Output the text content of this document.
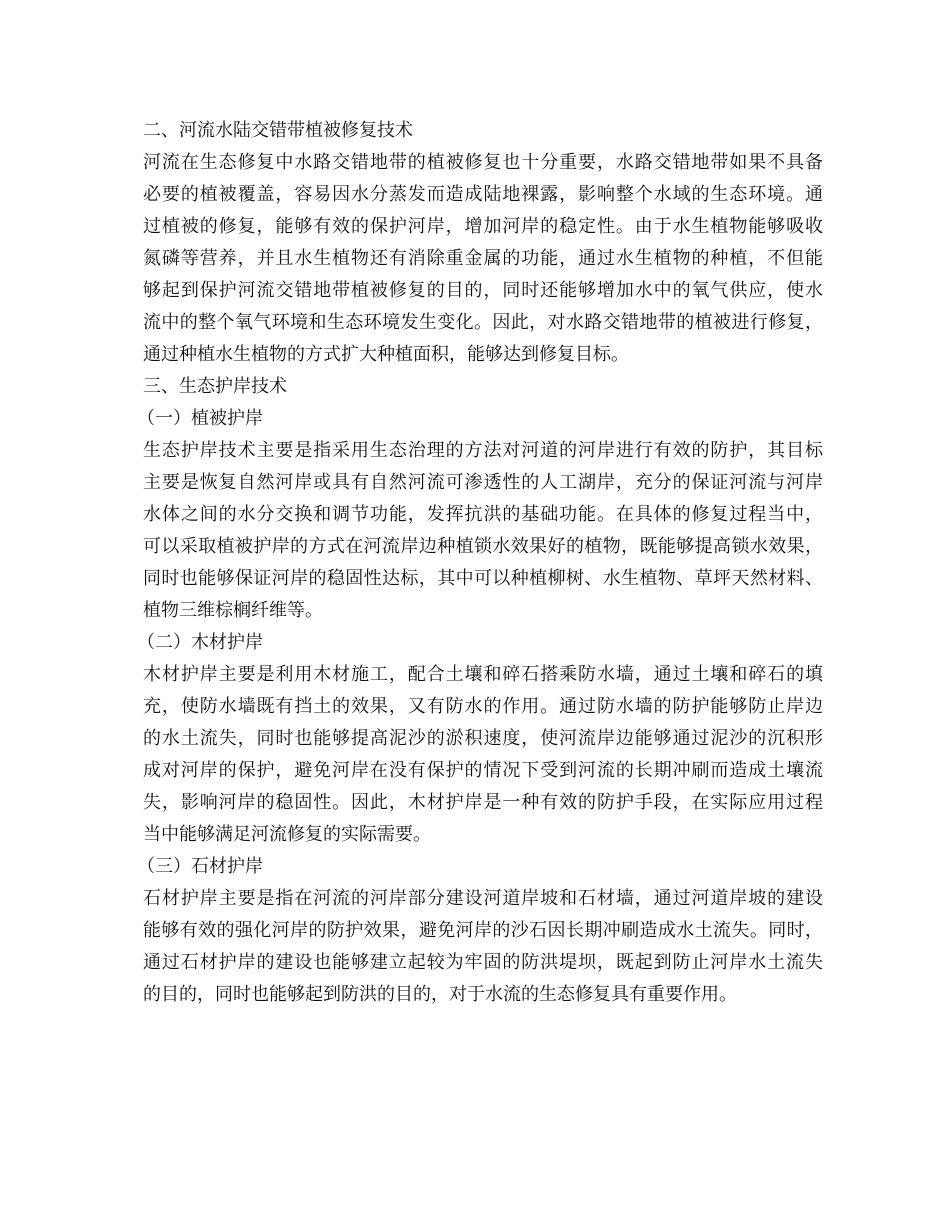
二、河流水陆交错带植被修复技术
河流在生态修复中水路交错地带的植被修复也十分重要，水路交错地带如果不具备
必要的植被覆盖，容易因水分蒸发而造成陆地裸露，影响整个水域的生态环境。通
过植被的修复，能够有效的保护河岸，增加河岸的稳定性。由于水生植物能够吸收
氮磷等营养，并且水生植物还有消除重金属的功能，通过水生植物的种植，不但能
够起到保护河流交错地带植被修复的目的，同时还能够增加水中的氧气供应，使水
流中的整个氧气环境和生态环境发生变化。因此，对水路交错地带的植被进行修复，
通过种植水生植物的方式扩大种植面积，能够达到修复目标。
三、生态护岸技术
（一）植被护岸
生态护岸技术主要是指采用生态治理的方法对河道的河岸进行有效的防护，其目标
主要是恢复自然河岸或具有自然河流可渗透性的人工湖岸，充分的保证河流与河岸
水体之间的水分交换和调节功能，发挥抗洪的基础功能。在具体的修复过程当中，
可以采取植被护岸的方式在河流岸边种植锁水效果好的植物，既能够提高锁水效果，
同时也能够保证河岸的稳固性达标，其中可以种植柳树、水生植物、草坪天然材料、
植物三维棕榈纤维等。
（二）木材护岸
木材护岸主要是利用木材施工，配合土壤和碎石搭乘防水墙，通过土壤和碎石的填
充，使防水墙既有挡土的效果，又有防水的作用。通过防水墙的防护能够防止岸边
的水土流失，同时也能够提高泥沙的淤积速度，使河流岸边能够通过泥沙的沉积形
成对河岸的保护，避免河岸在没有保护的情况下受到河流的长期冲刷而造成土壤流
失，影响河岸的稳固性。因此，木材护岸是一种有效的防护手段，在实际应用过程
当中能够满足河流修复的实际需要。
（三）石材护岸
石材护岸主要是指在河流的河岸部分建设河道岸坡和石材墙，通过河道岸坡的建设
能够有效的强化河岸的防护效果，避免河岸的沙石因长期冲刷造成水土流失。同时，
通过石材护岸的建设也能够建立起较为牢固的防洪堤坝，既起到防止河岸水土流失
的目的，同时也能够起到防洪的目的，对于水流的生态修复具有重要作用。
